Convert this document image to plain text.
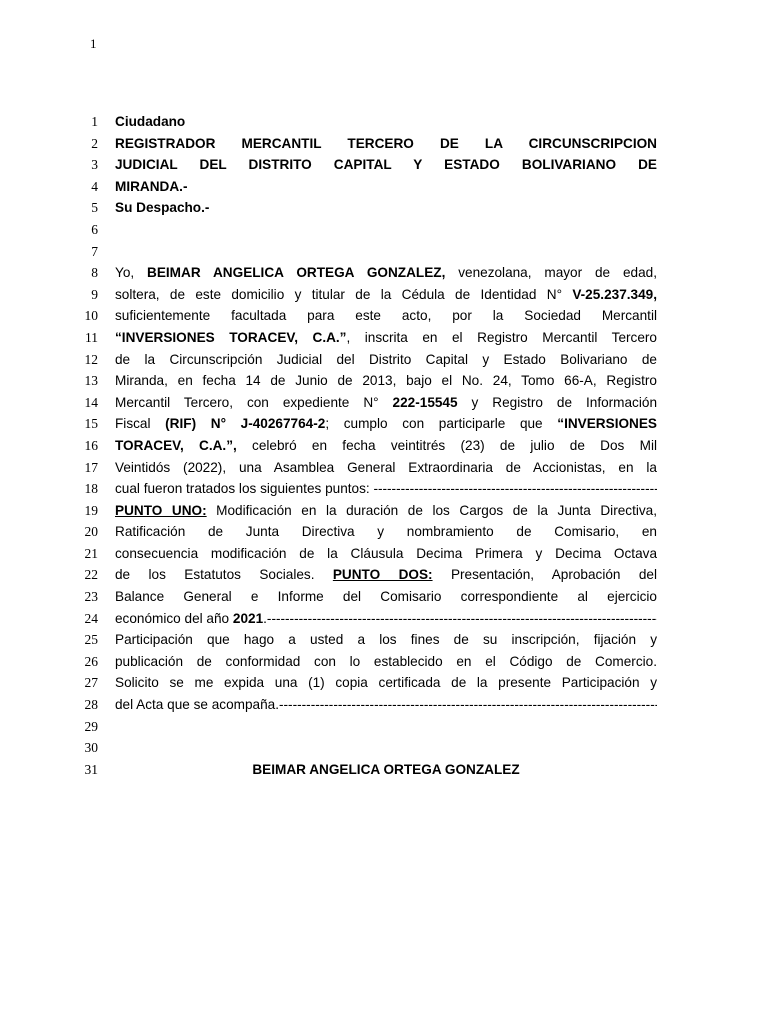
1
1 Ciudadano
2 REGISTRADOR MERCANTIL TERCERO DE LA CIRCUNSCRIPCION
3 JUDICIAL DEL DISTRITO CAPITAL Y ESTADO BOLIVARIANO DE
4 MIRANDA.-
5 Su Despacho.-
6
7
8 Yo, BEIMAR ANGELICA ORTEGA GONZALEZ, venezolana, mayor de edad,
9 soltera, de este domicilio y titular de la Cédula de Identidad N° V-25.237.349,
10 suficientemente facultada para este acto, por la Sociedad Mercantil
11 “INVERSIONES TORACEV, C.A.”, inscrita en el Registro Mercantil Tercero
12 de la Circunscripción Judicial del Distrito Capital y Estado Bolivariano de
13 Miranda, en fecha 14 de Junio de 2013, bajo el No. 24, Tomo 66-A, Registro
14 Mercantil Tercero, con expediente N° 222-15545 y Registro de Información
15 Fiscal (RIF) N° J-40267764-2; cumplo con participarle que “INVERSIONES
16 TORACEV, C.A.”, celebró en fecha veintitrés (23) de julio de Dos Mil
17 Veintidós (2022), una Asamblea General Extraordinaria de Accionistas, en la
18 cual fueron tratados los siguientes puntos: -----
19 PUNTO UNO: Modificación en la duración de los Cargos de la Junta Directiva,
20 Ratificación de Junta Directiva y nombramiento de Comisario, en
21 consecuencia modificación de la Cláusula Decima Primera y Decima Octava
22 de los Estatutos Sociales. PUNTO DOS: Presentación, Aprobación del
23 Balance General e Informe del Comisario correspondiente al ejercicio
24 económico del año 2021. -----
25 Participación que hago a usted a los fines de su inscripción, fijación y
26 publicación de conformidad con lo establecido en el Código de Comercio.
27 Solicito se me expida una (1) copia certificada de la presente Participación y
28 del Acta que se acompaña. -----
29
30
31	BEIMAR ANGELICA ORTEGA GONZALEZ
